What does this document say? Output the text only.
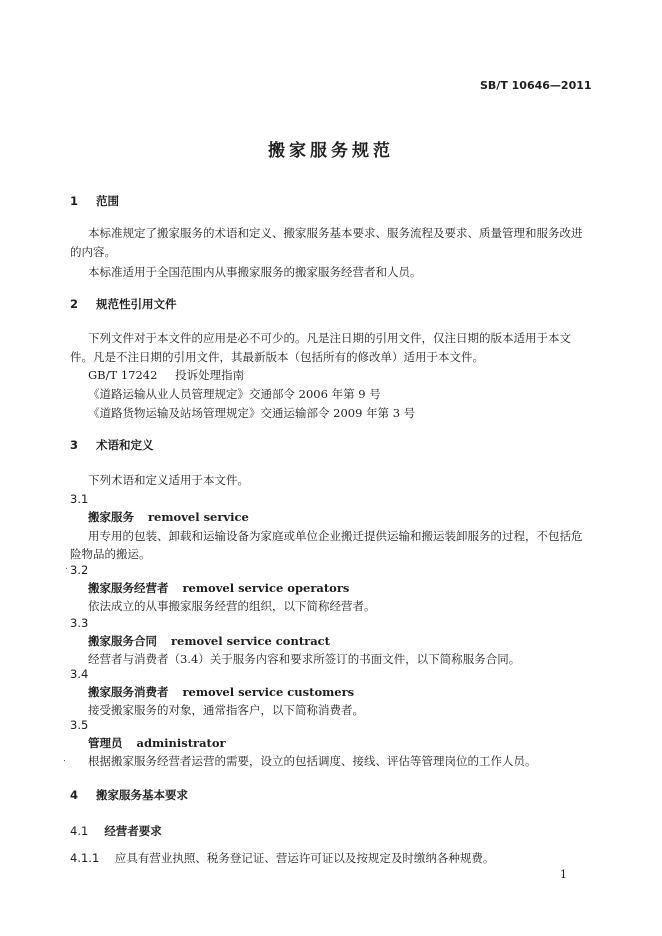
SB/T 10646—2011
搬家服务规范
1 范围
本标准规定了搬家服务的术语和定义、搬家服务基本要求、服务流程及要求、质量管理和服务改进
的内容。
本标准适用于全国范围内从事搬家服务的搬家服务经营者和人员。
2 规范性引用文件
下列文件对于本文件的应用是必不可少的。凡是注日期的引用文件，仅注日期的版本适用于本文
件。凡是不注日期的引用文件，其最新版本（包括所有的修改单）适用于本文件。
GB/T 17242 投诉处理指南
《道路运输从业人员管理规定》交通部令 2006 年第 9 号
《道路货物运输及站场管理规定》交通运输部令 2009 年第 3 号
3 术语和定义
下列术语和定义适用于本文件。
3.1
搬家服务 removel service
用专用的包装、卸载和运输设备为家庭或单位企业搬迁提供运输和搬运装卸服务的过程，不包括危
险物品的搬运。
3.2
搬家服务经营者 removel service operators
依法成立的从事搬家服务经营的组织，以下简称经营者。
3.3
搬家服务合同 removel service contract
经营者与消费者（3.4）关于服务内容和要求所签订的书面文件，以下简称服务合同。
3.4
搬家服务消费者 removel service customers
接受搬家服务的对象，通常指客户，以下简称消费者。
3.5
管理员 administrator
根据搬家服务经营者运营的需要，设立的包括调度、接线、评估等管理岗位的工作人员。
4 搬家服务基本要求
4.1 经营者要求
4.1.1 应具有营业执照、税务登记证、营运许可证以及按规定及时缴纳各种规费。
1
